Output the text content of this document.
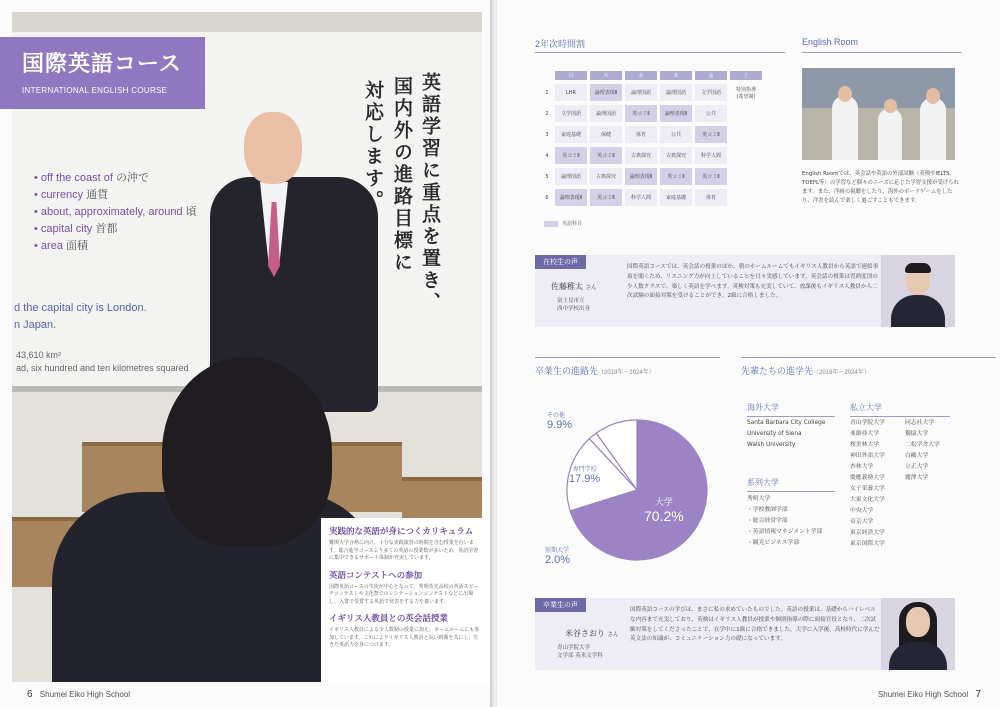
• off the coast of の沖で
• currency 通貨
• about, approximately, around 頃
• capital city 首都
• area 面積
d the capital city is London.
n Japan.
43,610 km²
ad, six hundred and ten kilometres squared
国際英語コース
INTERNATIONAL ENGLISH COURSE	英語学習に重点を置き、
国内外の進路目標に
対応します。
実践的な英語が身につくカリキュラム

難関大学合格に向け、十分な実践演習の時間を含む授業を行います。総合進学コースより多くの英語の授業数が多いため、英語学習に集中できるサポート体制が充実しています。

英語コンテストへの参加

国際英語コースの生徒が中心となって、秀明英光高校の英語スピーチコンテストや文化祭でのレシテーションコンテストなどに出場し、入賞で受賞する英語で発表をする力を養います。

イギリス人教員との英会話授業

イギリス人教員による少人数制の授業に加え、ホームルームにも参加しています。これによりイギリス人教員と長い時間を共にし、生きた英語力を身につけます。

6 Shumei Eiko High School
2年次時間割
	月	火	水	木	金	土
1	LHR	論理表現Ⅱ	論理国語	論理国語	文学国語	特別指導
(希望制)
2	文学国語	論理国語	英コミⅡ	論理表現Ⅱ	公共	
3	家庭基礎	保健	体育	公共	英コミⅡ	
4	英コミⅡ	英コミⅡ	古典探究	古典探究	科学人間	
5	論理国語	古典探究	論理表現Ⅱ	英コミⅡ	英コミⅡ	
6	論理表現Ⅱ	英コミⅡ	科学人間	家庭基礎	体育	
英語科目
English Room
English Roomでは、英会話や英語の外部試験（英検やIELTS、TOEFL等）の学習など個々のニーズに応じた学習支援が受けられます。また、洋画の視聴をしたり、海外のボードゲームをしたり、洋書を読んで楽しく過ごすこともできます。
在校生の声
佐藤稚太 さん
富士見市立
西中学校出身
国際英語コースでは、英会話の授業のほか、朝のホームルームでもイギリス人教員から英語で連絡事項を聞くため、リスニング力が向上していることを日々実感しています。英会話の授業は習熟度別の少人数クラスで、楽しく英語を学べます。英検対策も充実していて、放課後もイギリス人教員から二次試験の面接対策を受けることができ、2級に合格しました。
卒業生の進路先（2019年〜2024年）
大学
70.2%
専門学校
17.9%
短期大学
2.0%
その他
9.9%
先輩たちの進学先（2019年〜2024年）
海外大学
Santa Barbara City College
University of Siena
Walsh University
系列大学
秀明大学
・学校教師学部
・総合経営学部
・英語情報マネジメント学部
・観光ビジネス学部
私立大学
青山学院大学
亜細亜大学
桜美林大学
神田外語大学
杏林大学
慶應義塾大学
女子栄養大学
大東文化大学
中央大学
帝京大学
東京経済大学
東京国際大学
同志社大学
獨協大学
二松学舎大学
白鷗大学
立正大学
麗澤大学
卒業生の声
米谷さおり さん
青山学院大学
文学部 英米文学科
国際英語コースの学びは、まさに私の求めていたものでした。英語の授業は、基礎からハイレベルな内容まで充実しており、英検はイギリス人教員が授業や個別指導の際に面接官役となり、二次試験対策をしてくださったことで、在学中に1級に合格できました。大学に入学後、高校時代に学んだ英文法の知識が、コミュニケーション力の礎になっています。
Shumei Eiko High School 7
